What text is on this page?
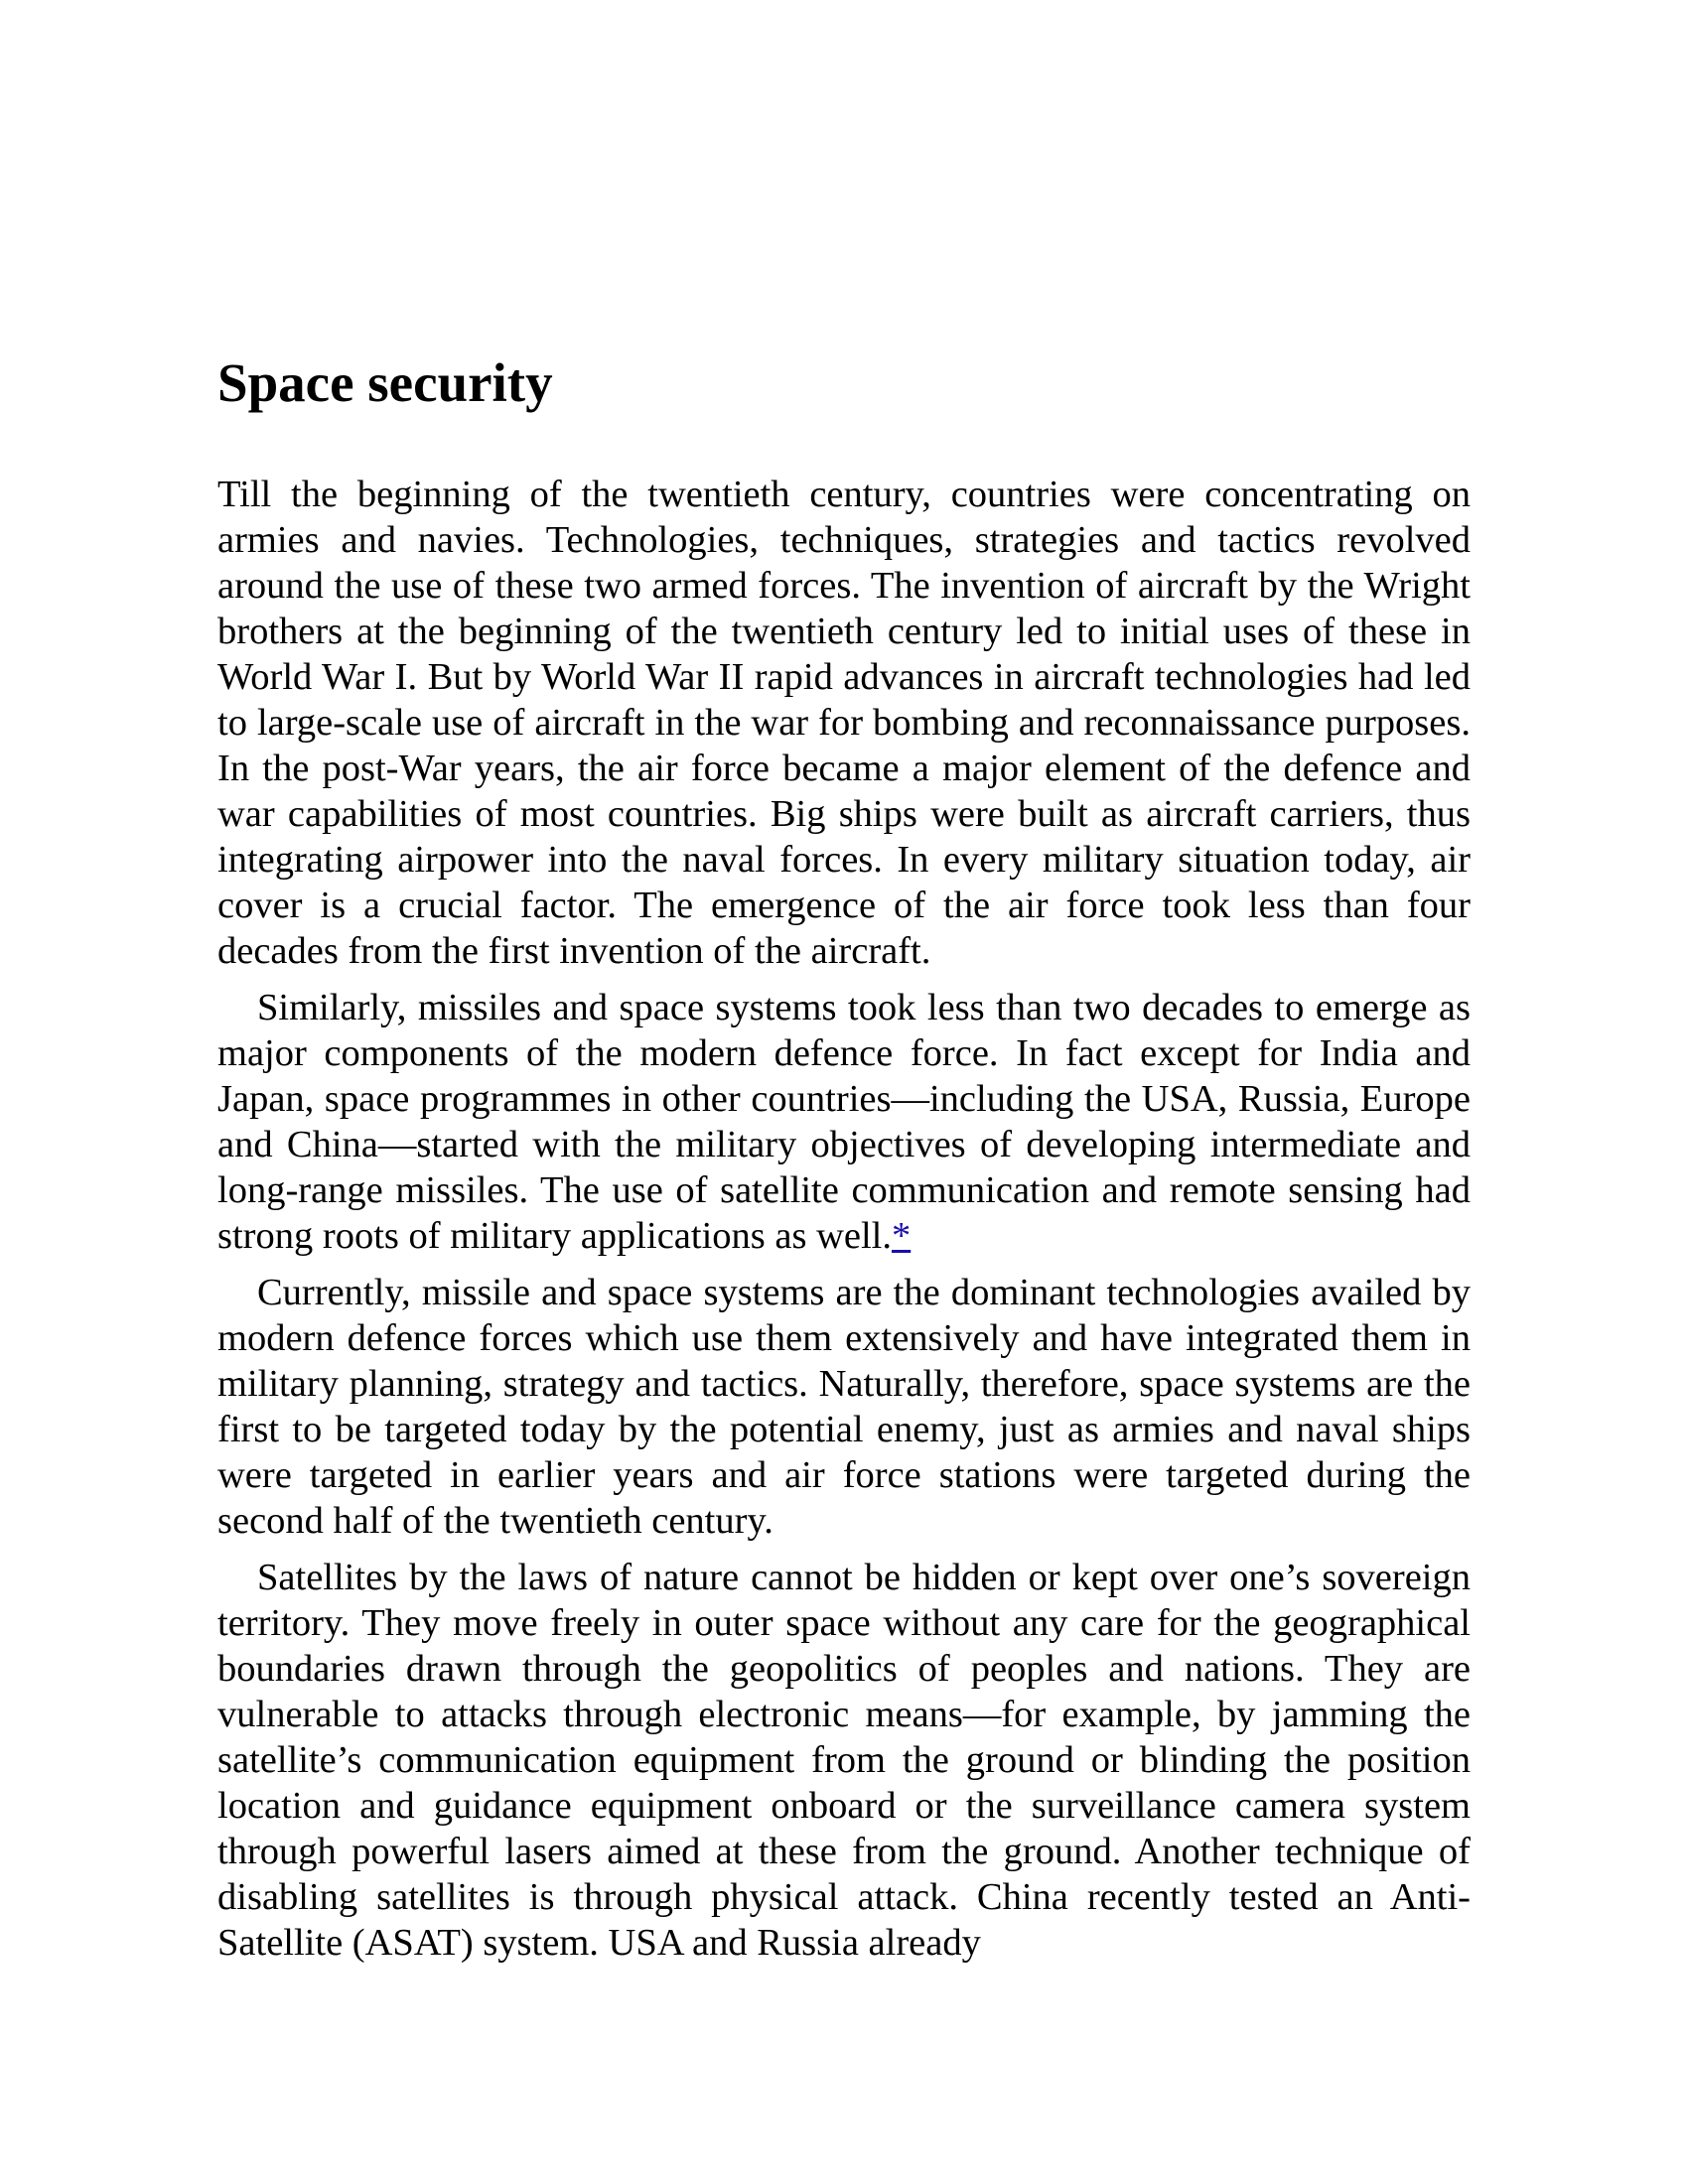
Space security

Till the beginning of the twentieth century, countries were concentrating on armies and navies. Technologies, techniques, strategies and tactics revolved around the use of these two armed forces. The invention of aircraft by the Wright brothers at the beginning of the twentieth century led to initial uses of these in World War I. But by World War II rapid advances in aircraft technologies had led to large-scale use of aircraft in the war for bombing and reconnaissance purposes. In the post-War years, the air force became a major element of the defence and war capabilities of most countries. Big ships were built as aircraft carriers, thus integrating airpower into the naval forces. In every military situation today, air cover is a crucial factor. The emergence of the air force took less than four decades from the first invention of the aircraft.

Similarly, missiles and space systems took less than two decades to emerge as major components of the modern defence force. In fact except for India and Japan, space programmes in other countries—including the USA, Russia, Europe and China—started with the military objectives of developing intermediate and long-range missiles. The use of satellite communication and remote sensing had strong roots of military applications as well.*

Currently, missile and space systems are the dominant technologies availed by modern defence forces which use them extensively and have integrated them in military planning, strategy and tactics. Naturally, therefore, space systems are the first to be targeted today by the potential enemy, just as armies and naval ships were targeted in earlier years and air force stations were targeted during the second half of the twentieth century.

Satellites by the laws of nature cannot be hidden or kept over one’s sovereign territory. They move freely in outer space without any care for the geographical boundaries drawn through the geopolitics of peoples and nations. They are vulnerable to attacks through electronic means—for example, by jamming the satellite’s communication equipment from the ground or blinding the position location and guidance equipment onboard or the surveillance camera system through powerful lasers aimed at these from the ground. Another technique of disabling satellites is through physical attack. China recently tested an Anti-Satellite (ASAT) system. USA and Russia already
